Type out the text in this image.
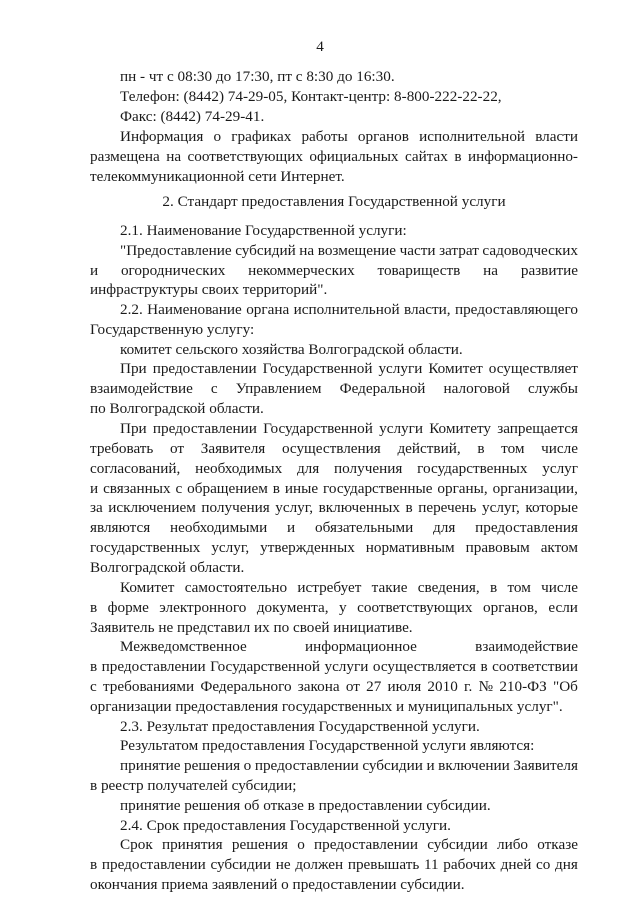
4
пн - чт с 08:30 до 17:30, пт с 8:30 до 16:30.
Телефон: (8442) 74-29-05, Контакт-центр: 8-800-222-22-22,
Факс: (8442) 74-29-41.
Информация о графиках работы органов исполнительной власти
размещена на соответствующих официальных сайтах в информационно-
телекоммуникационной сети Интернет.
2. Стандарт предоставления Государственной услуги
2.1. Наименование Государственной услуги:
"Предоставление субсидий на возмещение части затрат садоводческих
и огороднических некоммерческих товариществ на развитие
инфраструктуры своих территорий".
2.2. Наименование органа исполнительной власти, предоставляющего
Государственную услугу:
комитет сельского хозяйства Волгоградской области.
При предоставлении Государственной услуги Комитет осуществляет
взаимодействие с Управлением Федеральной налоговой службы
по Волгоградской области.
При предоставлении Государственной услуги Комитету запрещается
требовать от Заявителя осуществления действий, в том числе
согласований, необходимых для получения государственных услуг
и связанных с обращением в иные государственные органы, организации,
за исключением получения услуг, включенных в перечень услуг, которые
являются необходимыми и обязательными для предоставления
государственных услуг, утвержденных нормативным правовым актом
Волгоградской области.
Комитет самостоятельно истребует такие сведения, в том числе
в форме электронного документа, у соответствующих органов, если
Заявитель не представил их по своей инициативе.
Межведомственное	информационное	взаимодействие
в предоставлении Государственной услуги осуществляется в соответствии
с требованиями Федерального закона от 27 июля 2010 г. № 210-ФЗ "Об
организации предоставления государственных и муниципальных услуг".
2.3. Результат предоставления Государственной услуги.
Результатом предоставления Государственной услуги являются:
принятие решения о предоставлении субсидии и включении Заявителя
в реестр получателей субсидии;
принятие решения об отказе в предоставлении субсидии.
2.4. Срок предоставления Государственной услуги.
Срок принятия решения о предоставлении субсидии либо отказе
в предоставлении субсидии не должен превышать 11 рабочих дней со дня
окончания приема заявлений о предоставлении субсидии.
